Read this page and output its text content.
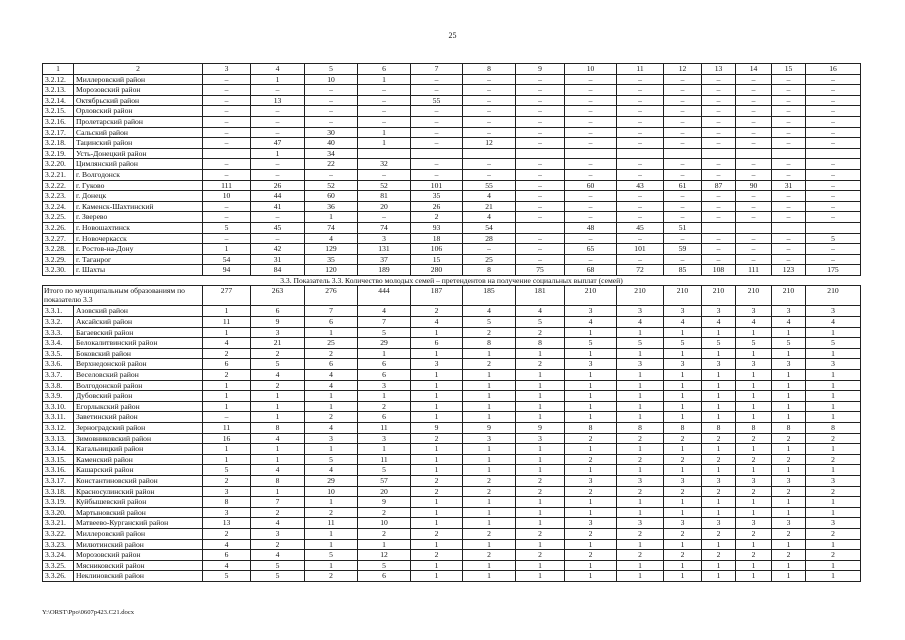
25
1	2	3	4	5	6	7	8	9	10	11	12	13	14	15	16
3.2.12.	Миллеровский район	–	1	10	1	–	–	–	–	–	–	–	–	–	–
3.2.13.	Морозовский район	–	–	–	–	–	–	–	–	–	–	–	–	–	–
3.2.14.	Октябрьский район	–	13	–	–	55	–	–	–	–	–	–	–	–	–
3.2.15.	Орловский район	–	–	–	–	–	–	–	–	–	–	–	–	–	–
3.2.16.	Пролетарский район	–	–	–	–	–	–	–	–	–	–	–	–	–	–
3.2.17.	Сальский район	–	–	30	1	–	–	–	–	–	–	–	–	–	–
3.2.18.	Тацинский район	–	47	40	1	–	12	–	–	–	–	–	–	–	–
3.2.19.	Усть-Донецкий район		1	34											
3.2.20.	Цимлянский район	–	–	22	32	–	–	–	–	–	–	–	–	–	–
3.2.21.	г. Волгодонск	–	–	–	–	–	–	–	–	–	–	–	–	–	–
3.2.22.	г. Гуково	111	26	52	52	101	55	–	60	43	61	87	90	31	–
3.2.23.	г. Донецк	10	44	60	81	35	4	–	–	–	–	–	–	–	–
3.2.24.	г. Каменск-Шахтинский	–	41	36	20	26	21	–	–	–	–	–	–	–	–
3.2.25.	г. Зверево	–	–	1	–	2	4	–	–	–	–	–	–	–	–
3.2.26.	г. Новошахтинск	5	45	74	74	93	54		48	45	51				
3.2.27.	г. Новочеркасск	–	–	4	3	18	28	–	–	–	–	–	–	–	5
3.2.28.	г. Ростов-на-Дону	1	42	129	131	106	–	–	65	101	59	–	–	–	–
3.2.29.	г. Таганрог	54	31	35	37	15	25	–	–	–	–	–	–	–	–
3.2.30.	г. Шахты	94	84	120	189	280	8	75	68	72	85	108	111	123	175
3.3. Показатель 3.3. Количество молодых семей – претендентов на получение социальных выплат (семей)															
Итого по муниципальным образованиям по показателю 3.3		277	263	276	444	187	185	181	210	210	210	210	210	210	210
3.3.1.	Азовский район	1	6	7	4	2	4	4	3	3	3	3	3	3	3
3.3.2.	Аксайский район	11	9	6	7	4	5	5	4	4	4	4	4	4	4
3.3.3.	Багаевский район	1	3	1	5	1	2	2	1	1	1	1	1	1	1
3.3.4.	Белокалитвинский район	4	21	25	29	6	8	8	5	5	5	5	5	5	5
3.3.5.	Боковский район	2	2	2	1	1	1	1	1	1	1	1	1	1	1
3.3.6.	Верхнедонской район	6	5	6	6	3	2	2	3	3	3	3	3	3	3
3.3.7.	Веселовский район	2	4	4	6	1	1	1	1	1	1	1	1	1	1
3.3.8.	Волгодонской район	1	2	4	3	1	1	1	1	1	1	1	1	1	1
3.3.9.	Дубовский район	1	1	1	1	1	1	1	1	1	1	1	1	1	1
3.3.10.	Егорлыкский район	1	1	1	2	1	1	1	1	1	1	1	1	1	1
3.3.11.	Заветинский район	–	1	2	6	1	1	1	1	1	1	1	1	1	1
3.3.12.	Зерноградский район	11	8	4	11	9	9	9	8	8	8	8	8	8	8
3.3.13.	Зимовниковский район	16	4	3	3	2	3	3	2	2	2	2	2	2	2
3.3.14.	Кагальницкий район	1	1	1	1	1	1	1	1	1	1	1	1	1	1
3.3.15.	Каменский район	1	1	5	11	1	1	1	2	2	2	2	2	2	2
3.3.16.	Кашарский район	5	4	4	5	1	1	1	1	1	1	1	1	1	1
3.3.17.	Константиновский район	2	8	29	57	2	2	2	3	3	3	3	3	3	3
3.3.18.	Красносулинский район	3	1	10	20	2	2	2	2	2	2	2	2	2	2
3.3.19.	Куйбышевский район	8	7	1	9	1	1	1	1	1	1	1	1	1	1
3.3.20.	Мартыновский район	3	2	2	2	1	1	1	1	1	1	1	1	1	1
3.3.21.	Матвеево-Курганский район	13	4	11	10	1	1	1	3	3	3	3	3	3	3
3.3.22.	Миллеровский район	2	3	1	2	2	2	2	2	2	2	2	2	2	2
3.3.23.	Милютинский район	4	2	1	1	1	1	1	1	1	1	1	1	1	1
3.3.24.	Морозовский район	6	4	5	12	2	2	2	2	2	2	2	2	2	2
3.3.25.	Мясниковский район	4	5	1	5	1	1	1	1	1	1	1	1	1	1
3.3.26.	Неклиновский район	5	5	2	6	1	1	1	1	1	1	1	1	1	1
Y:\ORST\Ppo\0607p423.C21.docx
